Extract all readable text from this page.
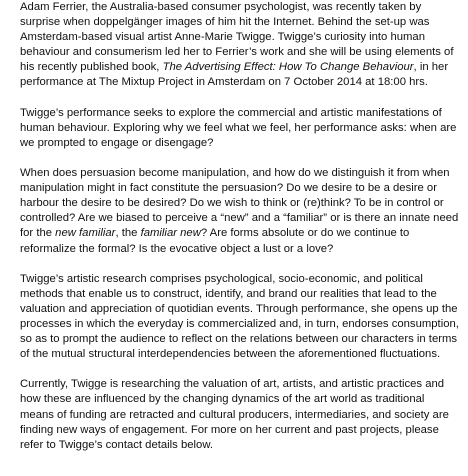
Adam Ferrier, the Australia-based consumer psychologist, was recently taken by surprise when doppelgänger images of him hit the Internet. Behind the set-up was Amsterdam-based visual artist Anne-Marie Twigge. Twigge’s curiosity into human behaviour and consumerism led her to Ferrier’s work and she will be using elements of his recently published book, The Advertising Effect: How To Change Behaviour, in her performance at The Mixtup Project in Amsterdam on 7 October 2014 at 18:00 hrs.

Twigge’s performance seeks to explore the commercial and artistic manifestations of human behaviour. Exploring why we feel what we feel, her performance asks: when are we prompted to engage or disengage?

When does persuasion become manipulation, and how do we distinguish it from when manipulation might in fact constitute the persuasion? Do we desire to be a desire or harbour the desire to be desired? Do we wish to think or (re)think? To be in control or controlled? Are we biased to perceive a “new” and a “familiar” or is there an innate need for the new familiar, the familiar new? Are forms absolute or do we continue to reformalize the formal? Is the evocative object a lust or a love?

Twigge’s artistic research comprises psychological, socio-economic, and political methods that enable us to construct, identify, and brand our realities that lead to the valuation and appreciation of quotidian events. Through performance, she opens up the processes in which the everyday is commercialized and, in turn, endorses consumption, so as to prompt the audience to reflect on the relations between our characters in terms of the mutual structural interdependencies between the aforementioned fluctuations.

Currently, Twigge is researching the valuation of art, artists, and artistic practices and how these are influenced by the changing dynamics of the art world as traditional means of funding are retracted and cultural producers, intermediaries, and society are finding new ways of engagement. For more on her current and past projects, please refer to Twigge’s contact details below.
